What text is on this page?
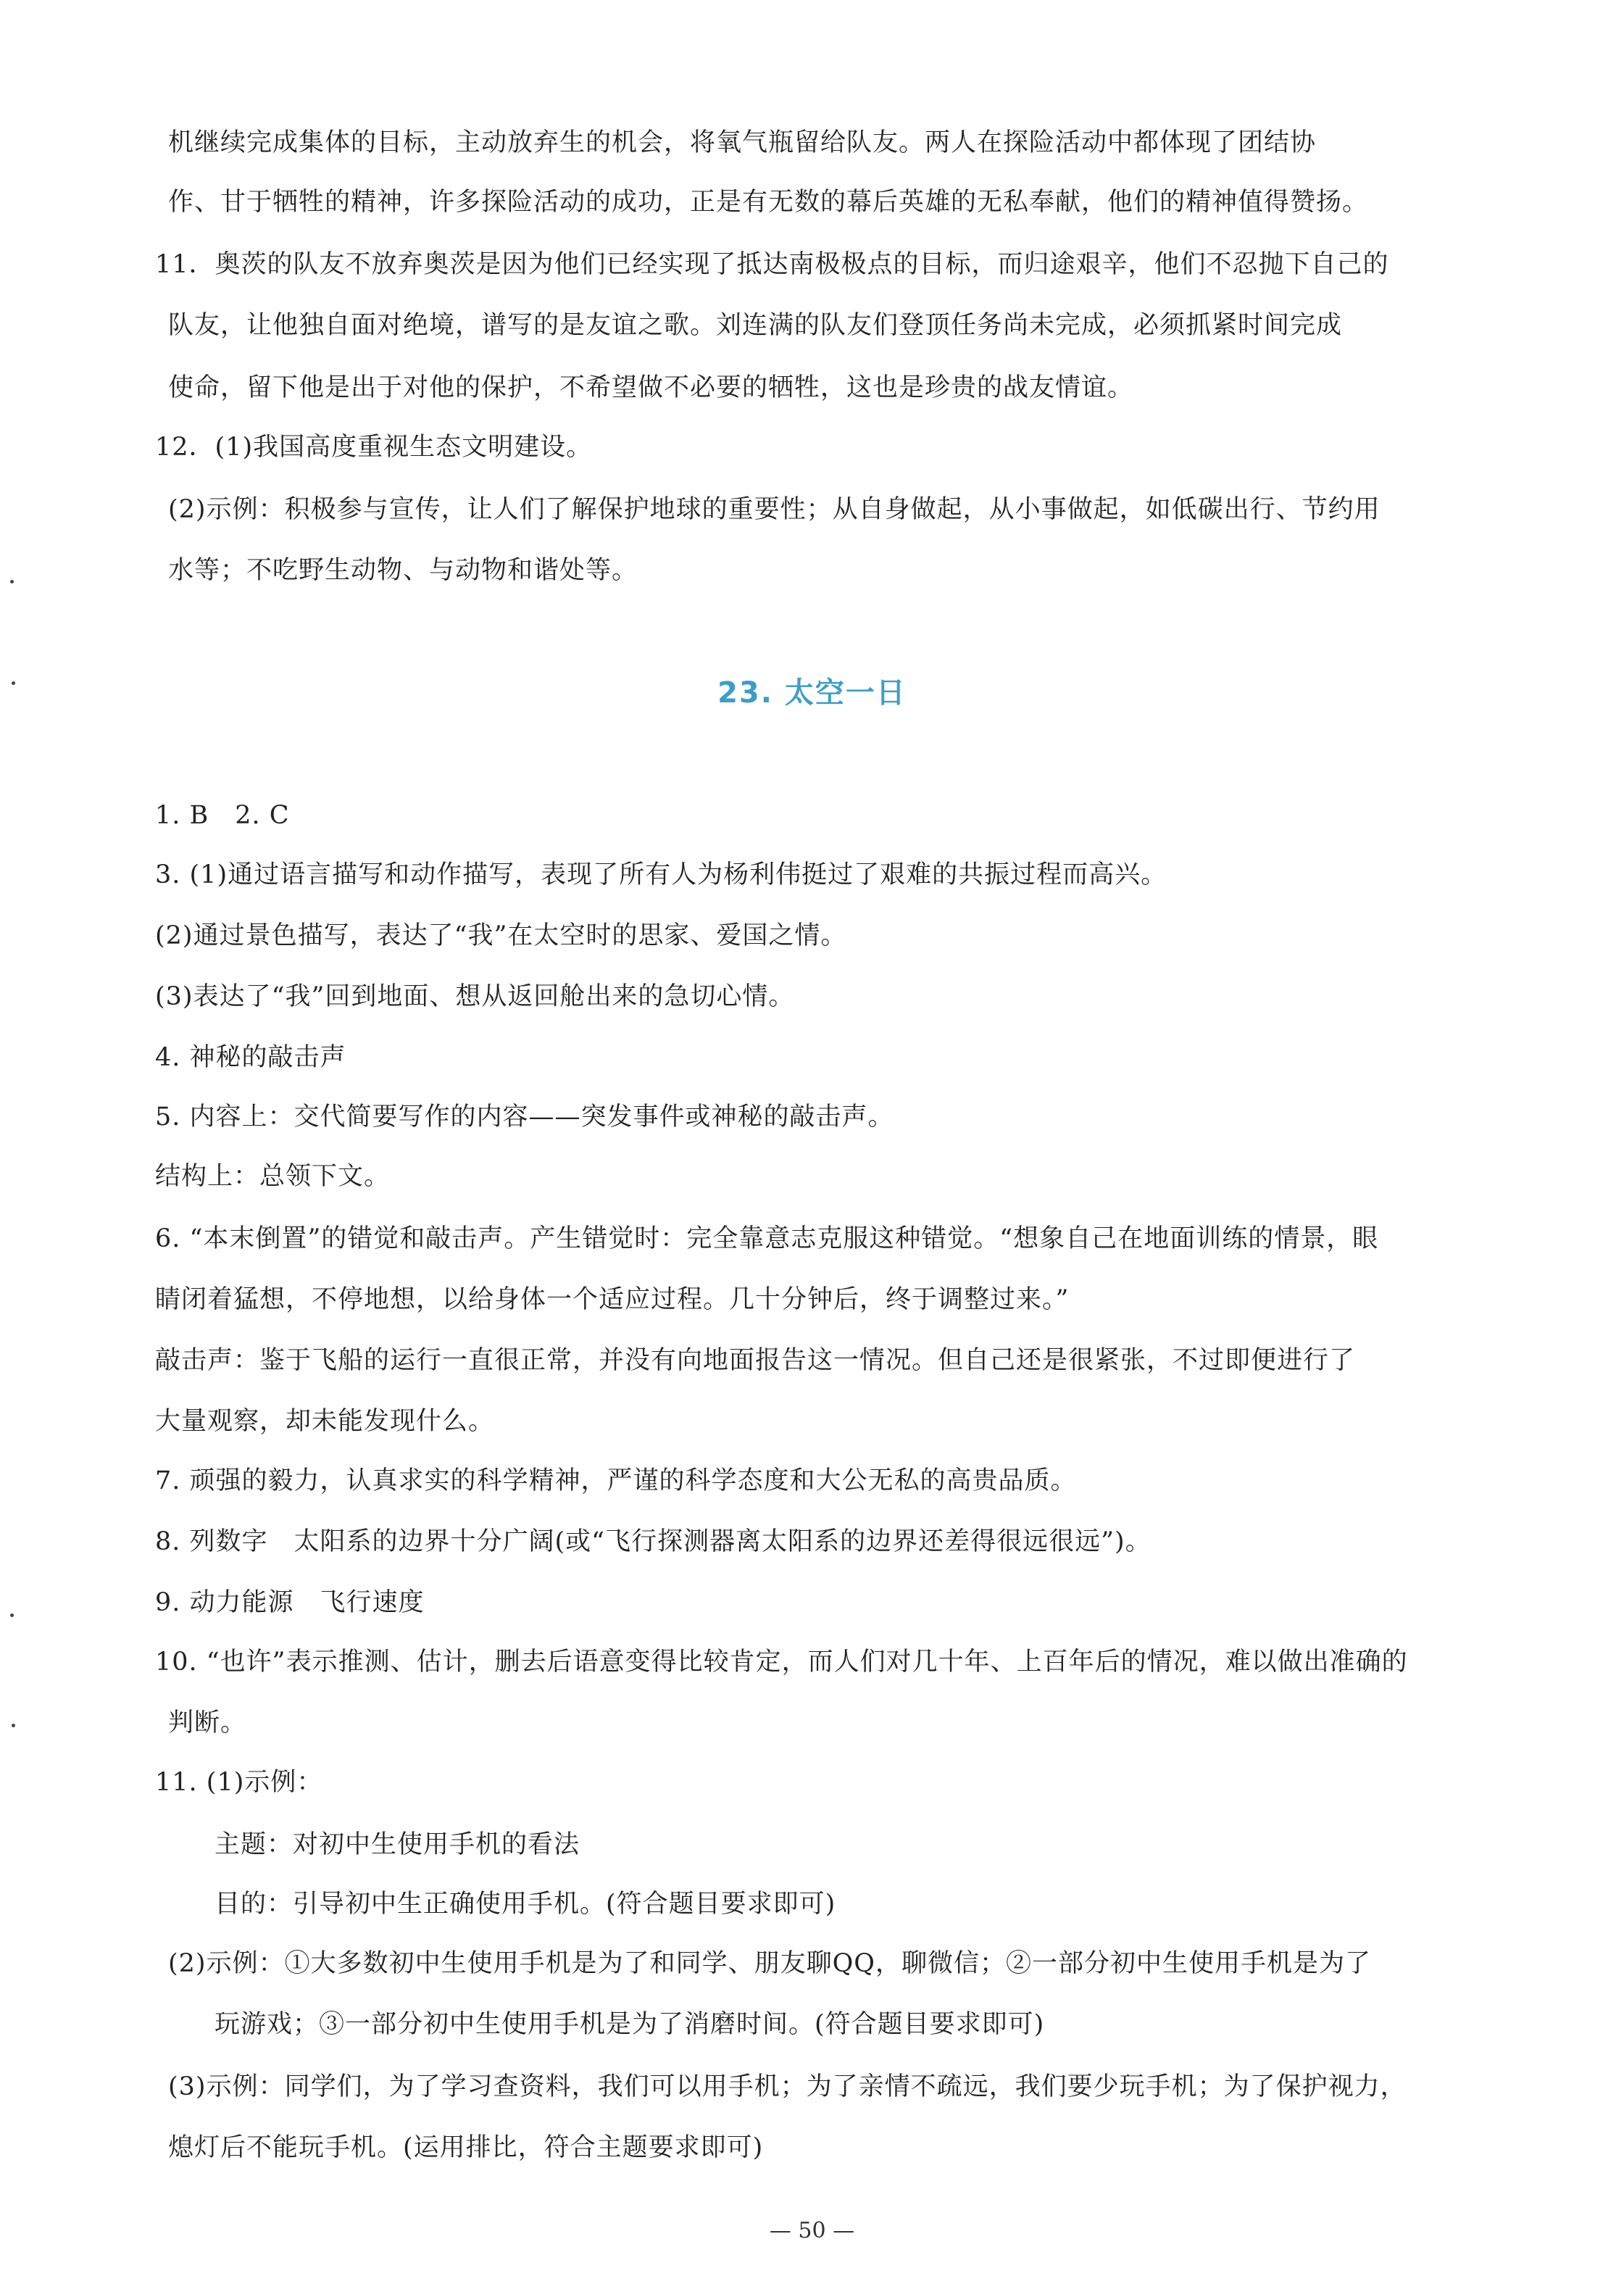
机继续完成集体的目标，主动放弃生的机会，将氧气瓶留给队友。两人在探险活动中都体现了团结协
作、甘于牺牲的精神，许多探险活动的成功，正是有无数的幕后英雄的无私奉献，他们的精神值得赞扬。
11．奥茨的队友不放弃奥茨是因为他们已经实现了抵达南极极点的目标，而归途艰辛，他们不忍抛下自己的
队友，让他独自面对绝境，谱写的是友谊之歌。刘连满的队友们登顶任务尚未完成，必须抓紧时间完成
使命，留下他是出于对他的保护，不希望做不必要的牺牲，这也是珍贵的战友情谊。
12．(1)我国高度重视生态文明建设。
(2)示例：积极参与宣传，让人们了解保护地球的重要性；从自身做起，从小事做起，如低碳出行、节约用
水等；不吃野生动物、与动物和谐处等。
23. 太空一日
1. B　2. C
3. (1)通过语言描写和动作描写，表现了所有人为杨利伟挺过了艰难的共振过程而高兴。
(2)通过景色描写，表达了“我”在太空时的思家、爱国之情。
(3)表达了“我”回到地面、想从返回舱出来的急切心情。
4. 神秘的敲击声
5. 内容上：交代简要写作的内容——突发事件或神秘的敲击声。
结构上：总领下文。
6. “本末倒置”的错觉和敲击声。产生错觉时：完全靠意志克服这种错觉。“想象自己在地面训练的情景，眼
睛闭着猛想，不停地想，以给身体一个适应过程。几十分钟后，终于调整过来。”
敲击声：鉴于飞船的运行一直很正常，并没有向地面报告这一情况。但自己还是很紧张，不过即便进行了
大量观察，却未能发现什么。
7. 顽强的毅力，认真求实的科学精神，严谨的科学态度和大公无私的高贵品质。
8. 列数字　太阳系的边界十分广阔(或“飞行探测器离太阳系的边界还差得很远很远”)。
9. 动力能源　飞行速度
10. “也许”表示推测、估计，删去后语意变得比较肯定，而人们对几十年、上百年后的情况，难以做出准确的
判断。
11. (1)示例：
主题：对初中生使用手机的看法
目的：引导初中生正确使用手机。(符合题目要求即可)
(2)示例：①大多数初中生使用手机是为了和同学、朋友聊QQ，聊微信；②一部分初中生使用手机是为了
玩游戏；③一部分初中生使用手机是为了消磨时间。(符合题目要求即可)
(3)示例：同学们，为了学习查资料，我们可以用手机；为了亲情不疏远，我们要少玩手机；为了保护视力，
熄灯后不能玩手机。(运用排比，符合主题要求即可)
— 50 —
